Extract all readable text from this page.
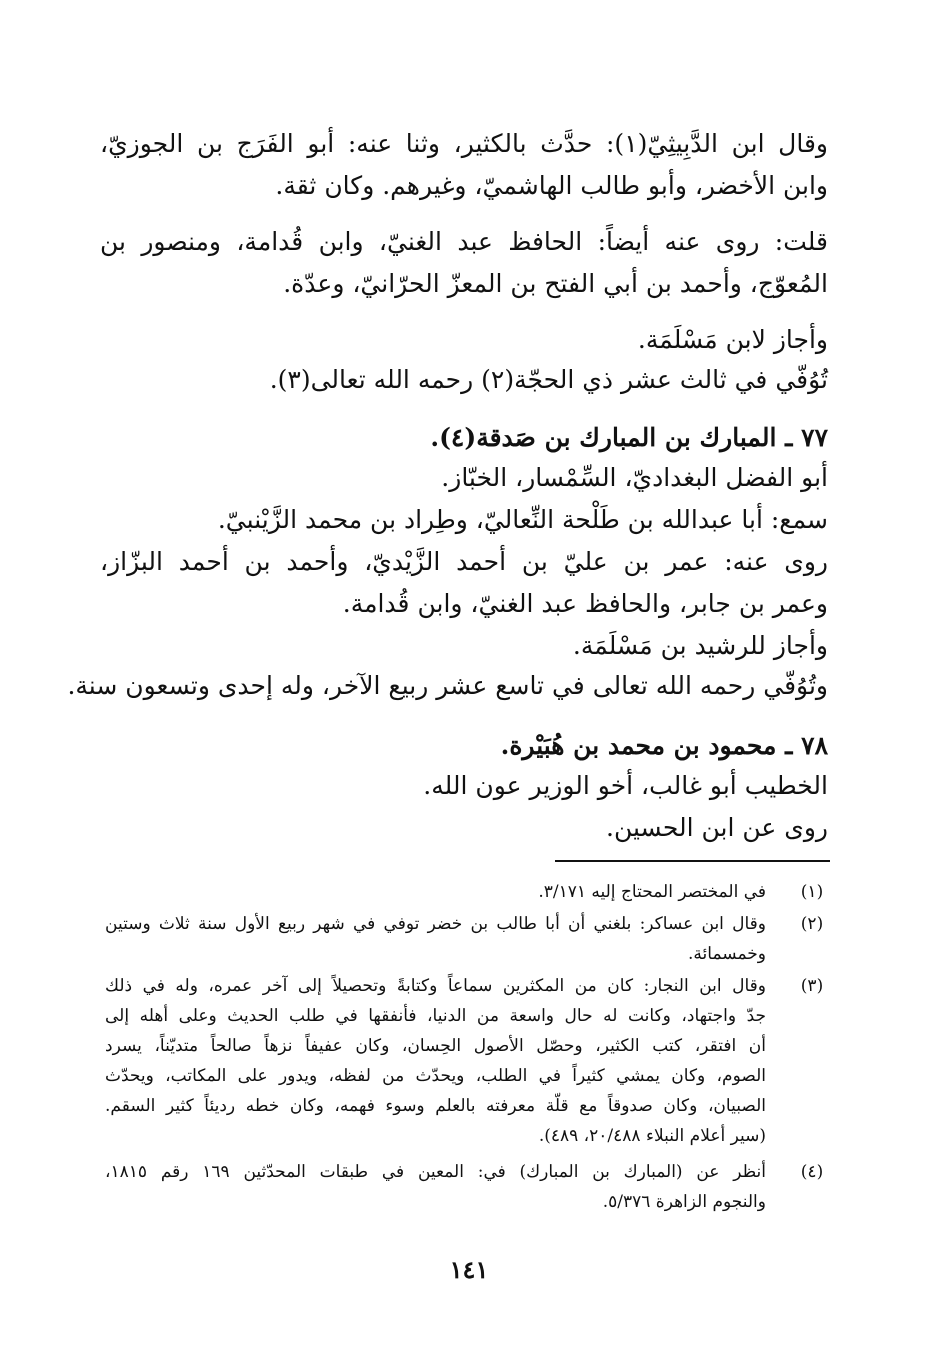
وقال ابن الدَّبِيثِيّ(١): حدَّث بالكثير، وثنا عنه: أبو الفَرَج بن الجوزيّ،
وابن الأخضر، وأبو طالب الهاشميّ، وغيرهم. وكان ثقة.
قلت: روى عنه أيضاً: الحافظ عبد الغنيّ، وابن قُدامة، ومنصور بن
المُعوّج، وأحمد بن أبي الفتح بن المعزّ الحرّانيّ، وعدّة.
وأجاز لابن مَسْلَمَة.
تُوُفّي في ثالث عشر ذي الحجّة(٢) رحمه الله تعالى(٣).
٧٧ ـ المبارك بن المبارك بن صَدقة(٤).
أبو الفضل البغداديّ، السِّمْسار، الخبّاز.
سمع: أبا عبدالله بن طَلْحة النِّعاليّ، وطِراد بن محمد الزَّيْنبيّ.
روى عنه: عمر بن عليّ بن أحمد الزَّيْديّ، وأحمد بن أحمد البزّاز،
وعمر بن جابر، والحافظ عبد الغنيّ، وابن قُدامة.
وأجاز للرشيد بن مَسْلَمَة.
وتُوُفّي رحمه الله تعالى في تاسع عشر ربيع الآخر، وله إحدى وتسعون سنة.
٧٨ ـ محمود بن محمد بن هُبَيْرة.
الخطيب أبو غالب، أخو الوزير عون الله.
روى عن ابن الحسين.
(١)
في المختصر المحتاج إليه ٣/١٧١.
(٢)
وقال ابن عساكر: بلغني أن أبا طالب بن خضر توفي في شهر ربيع الأول سنة ثلاث وستين
وخمسمائة.
(٣)
وقال ابن النجار: كان من المكثرين سماعاً وكتابةً وتحصيلاً إلى آخر عمره، وله في ذلك
جدّ واجتهاد، وكانت له حال واسعة من الدنيا، فأنفقها في طلب الحديث وعلى أهله إلى
أن افتقر، كتب الكثير، وحصّل الأصول الحِسان، وكان عفيفاً نزهاً صالحاً متديّناً، يسرد
الصوم، وكان يمشي كثيراً في الطلب، ويحدّث من لفظه، ويدور على المكاتب، ويحدّث
الصبيان، وكان صدوقاً مع قلّة معرفته بالعلم وسوء فهمه، وكان خطه رديئاً كثير السقم.
(سير أعلام النبلاء ٢٠/٤٨٨، ٤٨٩).
(٤)
أنظر عن (المبارك بن المبارك) في: المعين في طبقات المحدّثين ١٦٩ رقم ١٨١٥،
والنجوم الزاهرة ٥/٣٧٦.
١٤١
